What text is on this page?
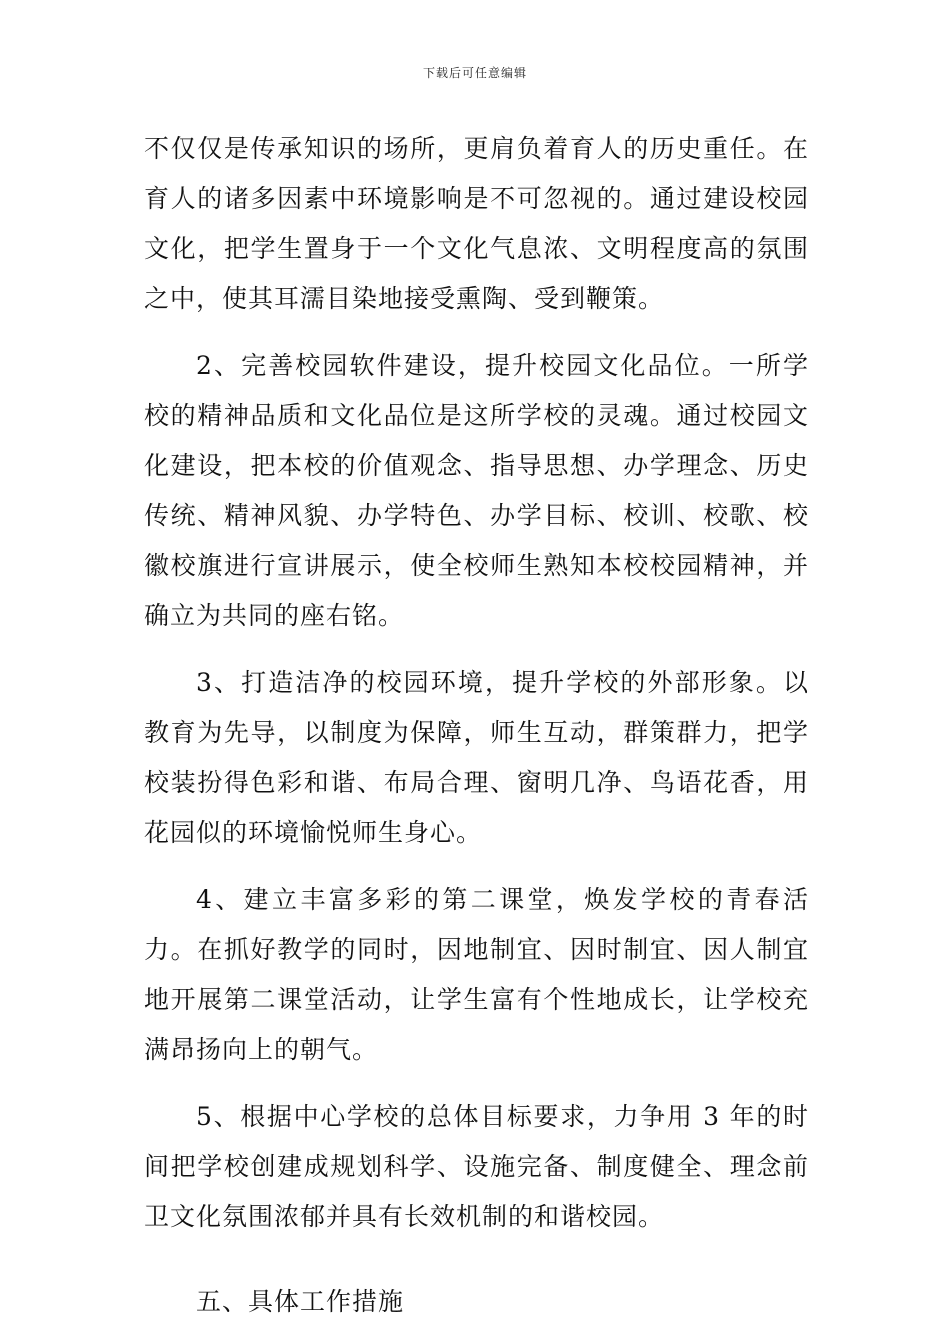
下载后可任意编辑

不仅仅是传承知识的场所，更肩负着育人的历史重任。在育人的诸多因素中环境影响是不可忽视的。通过建设校园文化，把学生置身于一个文化气息浓、文明程度高的氛围之中，使其耳濡目染地接受熏陶、受到鞭策。

2、完善校园软件建设，提升校园文化品位。一所学校的精神品质和文化品位是这所学校的灵魂。通过校园文化建设，把本校的价值观念、指导思想、办学理念、历史传统、精神风貌、办学特色、办学目标、校训、校歌、校徽校旗进行宣讲展示，使全校师生熟知本校校园精神，并确立为共同的座右铭。

3、打造洁净的校园环境，提升学校的外部形象。以教育为先导，以制度为保障，师生互动，群策群力，把学校装扮得色彩和谐、布局合理、窗明几净、鸟语花香，用花园似的环境愉悦师生身心。

4、建立丰富多彩的第二课堂，焕发学校的青春活力。在抓好教学的同时，因地制宜、因时制宜、因人制宜地开展第二课堂活动，让学生富有个性地成长，让学校充满昂扬向上的朝气。

5、根据中心学校的总体目标要求，力争用 3 年的时间把学校创建成规划科学、设施完备、制度健全、理念前卫文化氛围浓郁并具有长效机制的和谐校园。

五、具体工作措施
